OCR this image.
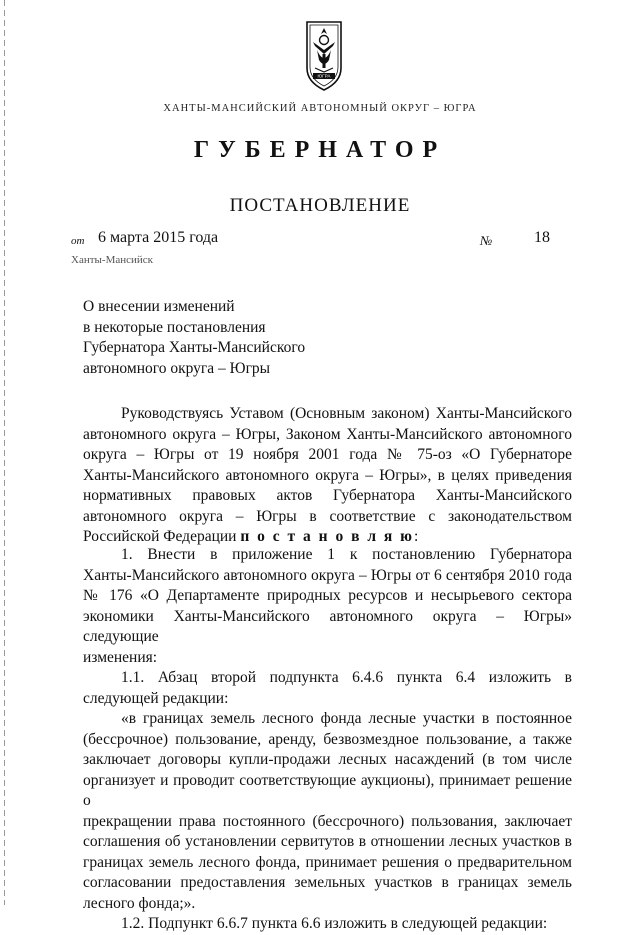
ЮГРА
ХАНТЫ-МАНСИЙСКИЙ АВТОНОМНЫЙ ОКРУГ – ЮГРА
ГУБЕРНАТОР
ПОСТАНОВЛЕНИЕ
от 6 марта 2015 года	№	18
Ханты-Мансийск
О внесении изменений
в некоторые постановления
Губернатора Ханты-Мансийского
автономного округа – Югры

Руководствуясь Уставом (Основным законом) Ханты-Мансийского

автономного округа – Югры, Законом Ханты-Мансийского автономного

округа – Югры от 19 ноября 2001 года № 75-оз «О Губернаторе

Ханты-Мансийского автономного округа – Югры», в целях приведения

нормативных правовых актов Губернатора Ханты-Мансийского

автономного округа – Югры в соответствие с законодательством

Российской Федерации п о с т а н о в л я ю:

1. Внести в приложение 1 к постановлению Губернатора

Ханты-Мансийского автономного округа – Югры от 6 сентября 2010 года

№ 176 «О Департаменте природных ресурсов и несырьевого сектора

экономики Ханты-Мансийского автономного округа – Югры» следующие

изменения:

1.1. Абзац второй подпункта 6.4.6 пункта 6.4 изложить в

следующей редакции:

«в границах земель лесного фонда лесные участки в постоянное

(бессрочное) пользование, аренду, безвозмездное пользование, а также

заключает договоры купли-продажи лесных насаждений (в том числе

организует и проводит соответствующие аукционы), принимает решение о

прекращении права постоянного (бессрочного) пользования, заключает

соглашения об установлении сервитутов в отношении лесных участков в

границах земель лесного фонда, принимает решения о предварительном

согласовании предоставления земельных участков в границах земель

лесного фонда;».

1.2. Подпункт 6.6.7 пункта 6.6 изложить в следующей редакции:
